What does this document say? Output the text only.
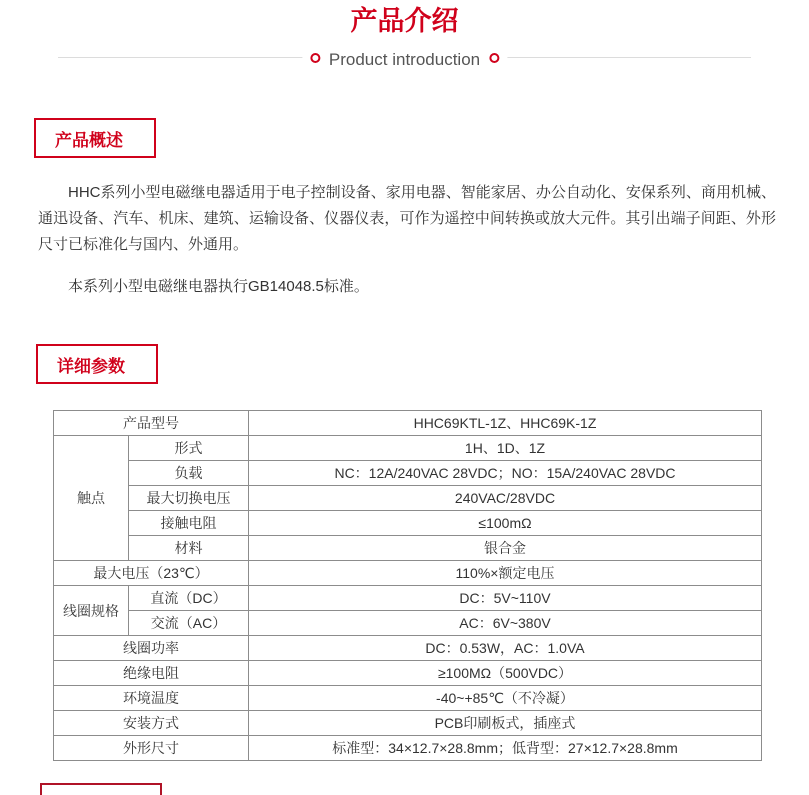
产品介绍
Product introduction
产品概述

HHC系列小型电磁继电器适用于电子控制设备、家用电器、智能家居、办公自动化、安保系列、商用机械、通迅设备、汽车、机床、建筑、运输设备、仪器仪表，可作为遥控中间转换或放大元件。其引出端子间距、外形尺寸已标准化与国内、外通用。

本系列小型电磁继电器执行GB14048.5标准。

详细参数
产品型号		HHC69KTL-1Z、HHC69K-1Z
触点	形式	1H、1D、1Z
	负载	NC：12A/240VAC 28VDC；NO：15A/240VAC 28VDC
	最大切换电压	240VAC/28VDC
	接触电阻	≤100mΩ
	材料	银合金
最大电压（23℃）		110%×额定电压
线圈规格	直流（DC）	DC：5V~110V
	交流（AC）	AC：6V~380V
线圈功率		DC：0.53W，AC：1.0VA
绝缘电阻		≥100MΩ（500VDC）
环境温度		-40~+85℃（不冷凝）
安装方式		PCB印刷板式，插座式
外形尺寸		标准型：34×12.7×28.8mm；低背型：27×12.7×28.8mm
